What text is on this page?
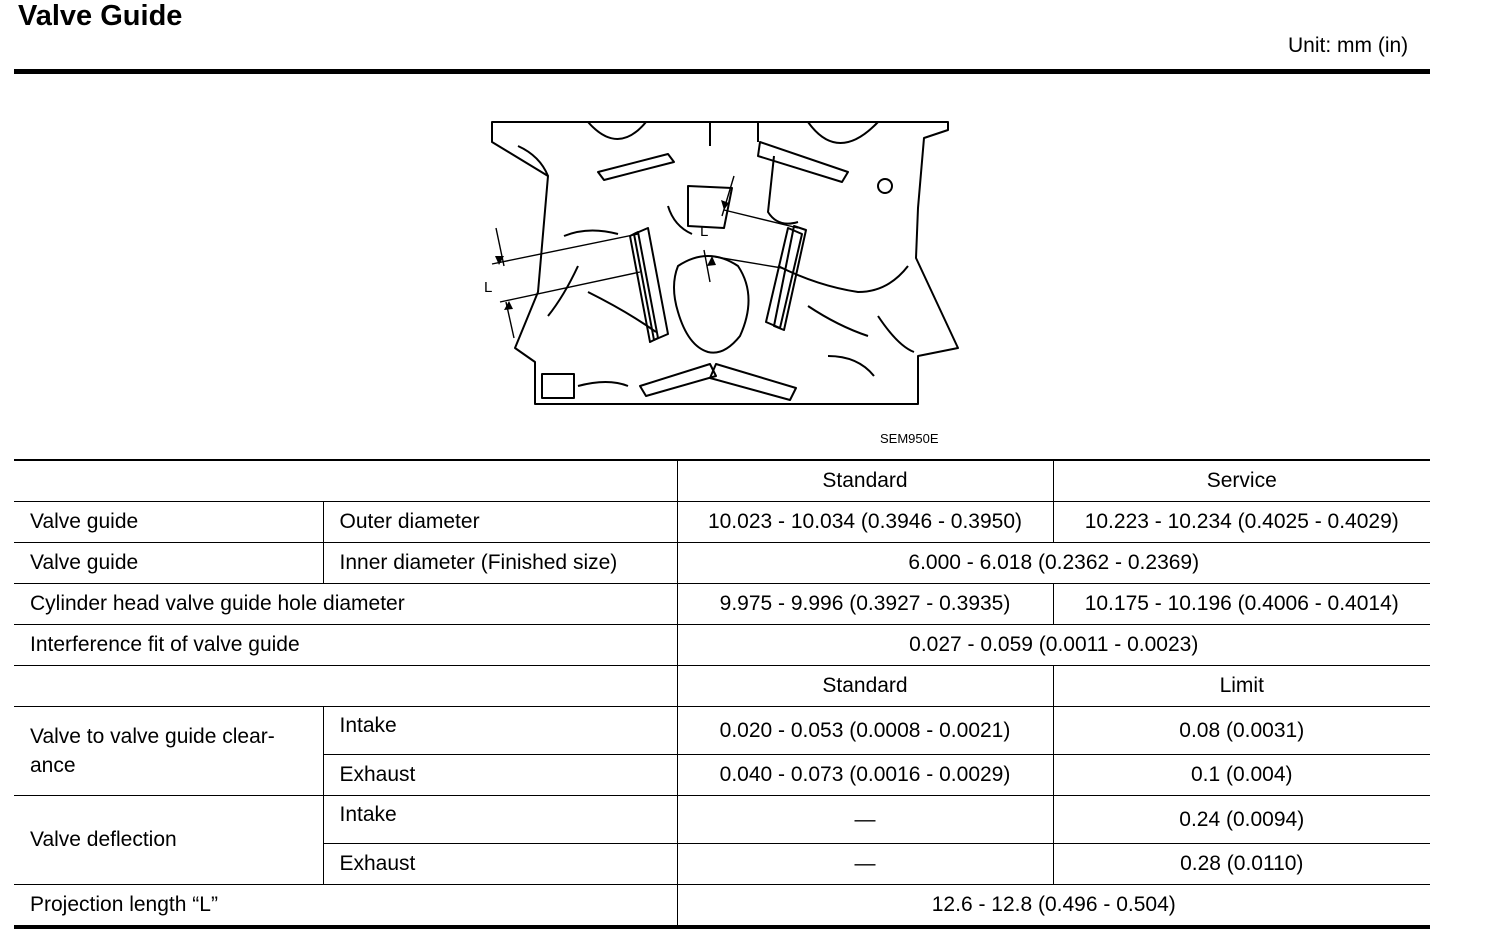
Valve Guide
Unit: mm (in)
L
L
SEM950E
		Standard	Service
Valve guide	Outer diameter	10.023 - 10.034 (0.3946 - 0.3950)	10.223 - 10.234 (0.4025 - 0.4029)
Valve guide	Inner diameter (Finished size)	6.000 - 6.018 (0.2362 - 0.2369)	
Cylinder head valve guide hole diameter		9.975 - 9.996 (0.3927 - 0.3935)	10.175 - 10.196 (0.4006 - 0.4014)
Interference fit of valve guide		0.027 - 0.059 (0.0011 - 0.0023)	
		Standard	Limit
Valve to valve guide clear-ance	Intake	0.020 - 0.053 (0.0008 - 0.0021)	0.08 (0.0031)
	Exhaust	0.040 - 0.073 (0.0016 - 0.0029)	0.1 (0.004)
Valve deflection	Intake	—	0.24 (0.0094)
	Exhaust	—	0.28 (0.0110)
Projection length “L”		12.6 - 12.8 (0.496 - 0.504)	
